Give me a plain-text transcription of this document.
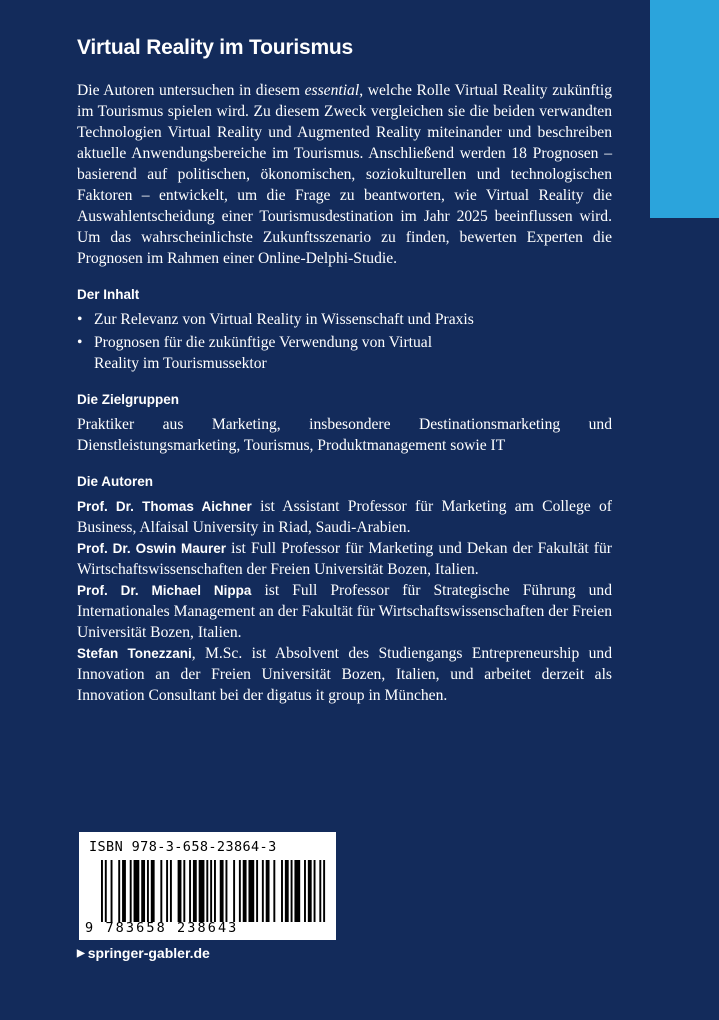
Virtual Reality im Tourismus

Die Autoren untersuchen in diesem essential, welche Rolle Virtual Reality zukünftig im Tourismus spielen wird. Zu diesem Zweck vergleichen sie die beiden verwandten Technologien Virtual Reality und Augmented Reality miteinander und beschreiben aktuelle Anwendungsbereiche im Tourismus. Anschließend werden 18 Prognosen – basierend auf politischen, ökonomischen, soziokulturellen und technologischen Faktoren – entwickelt, um die Frage zu beantworten, wie Virtual Reality die Auswahlentscheidung einer Tourismusdestination im Jahr 2025 beeinflussen wird. Um das wahrscheinlichste Zukunftsszenario zu finden, bewerten Experten die Prognosen im Rahmen einer Online-Delphi-Studie.

Der Inhalt
• Zur Relevanz von Virtual Reality in Wissenschaft und Praxis
• Prognosen für die zukünftige Verwendung von Virtual Reality im Tourismussektor
Die Zielgruppen

Praktiker aus Marketing, insbesondere Destinationsmarketing und Dienstleistungsmarketing, Tourismus, Produktmanagement sowie IT

Die Autoren

Prof. Dr. Thomas Aichner ist Assistant Professor für Marketing am College of Business, Alfaisal University in Riad, Saudi-Arabien.

Prof. Dr. Oswin Maurer ist Full Professor für Marketing und Dekan der Fakultät für Wirtschaftswissenschaften der Freien Universität Bozen, Italien.

Prof. Dr. Michael Nippa ist Full Professor für Strategische Führung und Internationales Management an der Fakultät für Wirtschaftswissenschaften der Freien Universität Bozen, Italien.

Stefan Tonezzani, M.Sc. ist Absolvent des Studiengangs Entrepreneurship und Innovation an der Freien Universität Bozen, Italien, und arbeitet derzeit als Innovation Consultant bei der digatus it group in München.

ISBN 978-3-658-23864-3
9 783658 238643
▶ springer-gabler.de
